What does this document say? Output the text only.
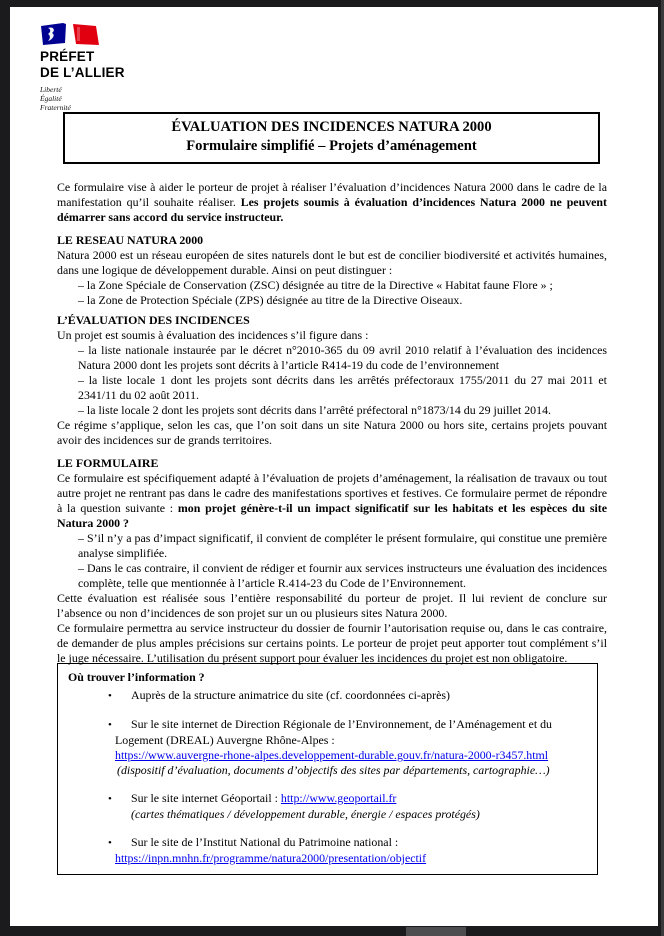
PRÉFET
DE L’ALLIER
Liberté
Égalité
Fraternité
ÉVALUATION DES INCIDENCES NATURA 2000
Formulaire simplifié – Projets d’aménagement

Ce formulaire vise à aider le porteur de projet à réaliser l’évaluation d’incidences Natura 2000 dans le cadre de la manifestation qu’il souhaite réaliser. Les projets soumis à évaluation d’incidences Natura 2000 ne peuvent démarrer sans accord du service instructeur.

LE RESEAU NATURA 2000

Natura 2000 est un réseau européen de sites naturels dont le but est de concilier biodiversité et activités humaines, dans une logique de développement durable. Ainsi on peut distinguer :

– la Zone Spéciale de Conservation (ZSC) désignée au titre de la Directive « Habitat faune Flore » ;
– la Zone de Protection Spéciale (ZPS) désignée au titre de la Directive Oiseaux.
L’ÉVALUATION DES INCIDENCES

Un projet est soumis à évaluation des incidences s’il figure dans :

– la liste nationale instaurée par le décret n°2010-365 du 09 avril 2010 relatif à l’évaluation des incidences Natura 2000 dont les projets sont décrits à l’article R414-19 du code de l’environnement
– la liste locale 1 dont les projets sont décrits dans les arrêtés préfectoraux 1755/2011 du 27 mai 2011 et 2341/11 du 02 août 2011.
– la liste locale 2 dont les projets sont décrits dans l’arrêté préfectoral n°1873/14 du 29 juillet 2014.

Ce régime s’applique, selon les cas, que l’on soit dans un site Natura 2000 ou hors site, certains projets pouvant avoir des incidences sur de grands territoires.

LE FORMULAIRE

Ce formulaire est spécifiquement adapté à l’évaluation de projets d’aménagement, la réalisation de travaux ou tout autre projet ne rentrant pas dans le cadre des manifestations sportives et festives. Ce formulaire permet de répondre à la question suivante : mon projet génère-t-il un impact significatif sur les habitats et les espèces du site Natura 2000 ?

– S’il n’y a pas d’impact significatif, il convient de compléter le présent formulaire, qui constitue une première analyse simplifiée.
– Dans le cas contraire, il convient de rédiger et fournir aux services instructeurs une évaluation des incidences complète, telle que mentionnée à l’article R.414-23 du Code de l’Environnement.

Cette évaluation est réalisée sous l’entière responsabilité du porteur de projet. Il lui revient de conclure sur l’absence ou non d’incidences de son projet sur un ou plusieurs sites Natura 2000.

Ce formulaire permettra au service instructeur du dossier de fournir l’autorisation requise ou, dans le cas contraire, de demander de plus amples précisions sur certains points. Le porteur de projet peut apporter tout complément s’il le juge nécessaire. L’utilisation du présent support pour évaluer les incidences du projet est non obligatoire.

Où trouver l’information ?
• Auprès de la structure animatrice du site (cf. coordonnées ci-après)
• Sur le site internet de Direction Régionale de l’Environnement, de l’Aménagement et du Logement (DREAL) Auvergne Rhône-Alpes :
https://www.auvergne-rhone-alpes.developpement-durable.gouv.fr/natura-2000-r3457.html
(dispositif d’évaluation, documents d’objectifs des sites par départements, cartographie…)
• Sur le site internet Géoportail : http://www.geoportail.fr
(cartes thématiques / développement durable, énergie / espaces protégés)
• Sur le site de l’Institut National du Patrimoine national :
https://inpn.mnhn.fr/programme/natura2000/presentation/objectif
